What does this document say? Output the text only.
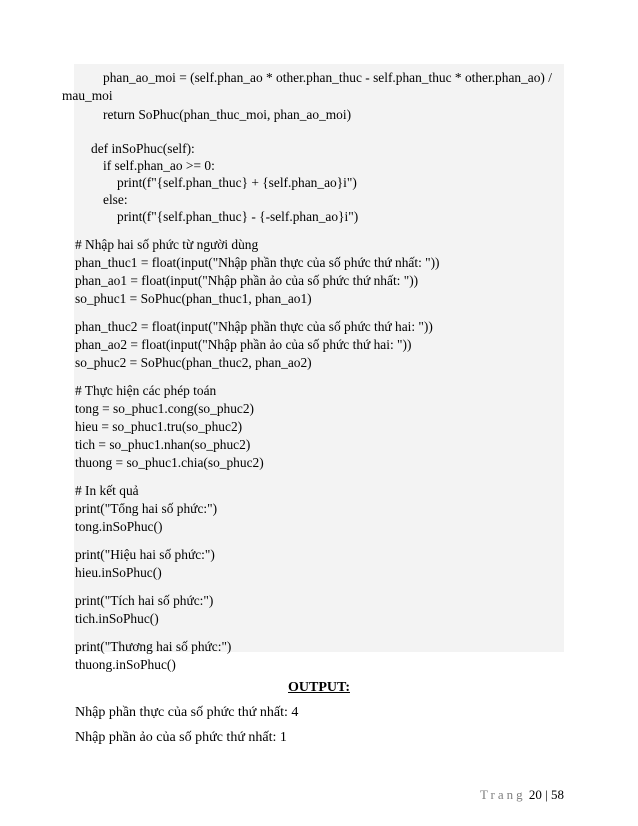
phan_ao_moi = (self.phan_ao * other.phan_thuc - self.phan_thuc * other.phan_ao) /
mau_moi
return SoPhuc(phan_thuc_moi, phan_ao_moi)
def inSoPhuc(self):
if self.phan_ao >= 0:
print(f"{self.phan_thuc} + {self.phan_ao}i")
else:
print(f"{self.phan_thuc} - {-self.phan_ao}i")
# Nhập hai số phức từ người dùng
phan_thuc1 = float(input("Nhập phần thực của số phức thứ nhất: "))
phan_ao1 = float(input("Nhập phần ảo của số phức thứ nhất: "))
so_phuc1 = SoPhuc(phan_thuc1, phan_ao1)
phan_thuc2 = float(input("Nhập phần thực của số phức thứ hai: "))
phan_ao2 = float(input("Nhập phần ảo của số phức thứ hai: "))
so_phuc2 = SoPhuc(phan_thuc2, phan_ao2)
# Thực hiện các phép toán
tong = so_phuc1.cong(so_phuc2)
hieu = so_phuc1.tru(so_phuc2)
tich = so_phuc1.nhan(so_phuc2)
thuong = so_phuc1.chia(so_phuc2)
# In kết quả
print("Tổng hai số phức:")
tong.inSoPhuc()
print("Hiệu hai số phức:")
hieu.inSoPhuc()
print("Tích hai số phức:")
tich.inSoPhuc()
print("Thương hai số phức:")
thuong.inSoPhuc()
OUTPUT:
Nhập phần thực của số phức thứ nhất: 4
Nhập phần ảo của số phức thứ nhất: 1
Trang 20 | 58
